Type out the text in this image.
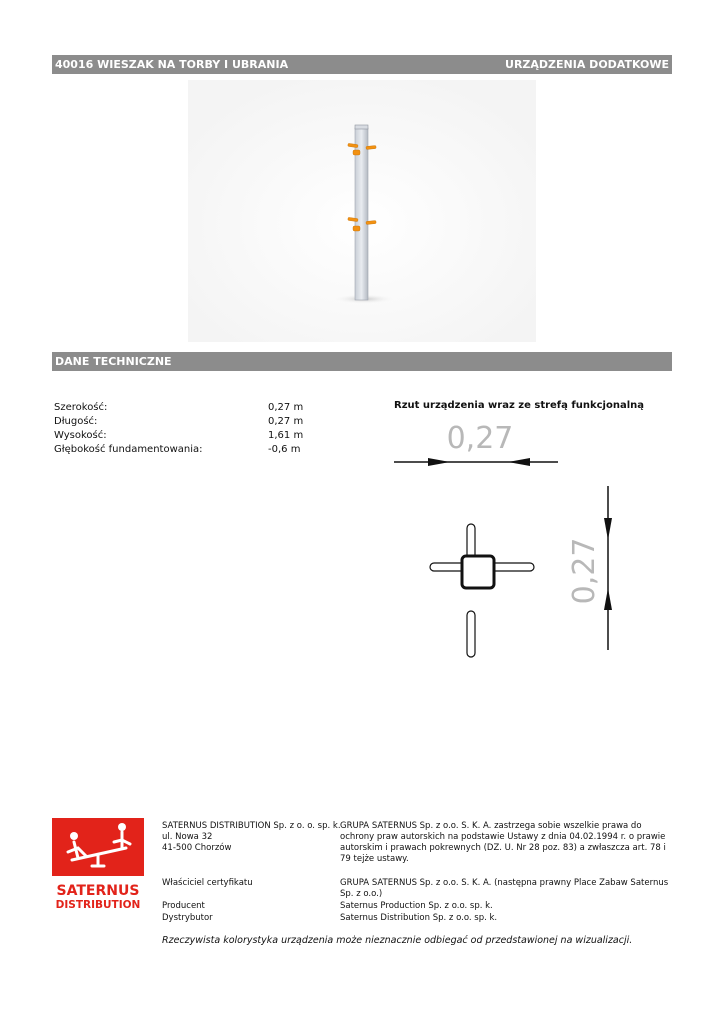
40016 WIESZAK NA TORBY I UBRANIA	URZĄDZENIA DODATKOWE
DANE TECHNICZNE
Szerokość:	0,27 m
Długość:	0,27 m
Wysokość:	1,61 m
Głębokość fundamentowania:	-0,6 m
Rzut urządzenia wraz ze strefą funkcjonalną
0,27
0,27
SATERNUS
DISTRIBUTION
SATERNUS DISTRIBUTION Sp. z o. o. sp. k.
ul. Nowa 32
41-500 Chorzów
GRUPA SATERNUS Sp. z o.o. S. K. A. zastrzega sobie wszelkie prawa do ochrony praw autorskich na podstawie Ustawy z dnia 04.02.1994 r. o prawie autorskim i prawach pokrewnych (DZ. U. Nr 28 poz. 83) a zwłaszcza art. 78 i 79 tejże ustawy.
Właściciel certyfikatu	GRUPA SATERNUS Sp. z o.o. S. K. A. (następna prawny Place Zabaw Saternus Sp. z o.o.)
Producent	Saternus Production Sp. z o.o. sp. k.
Dystrybutor	Saternus Distribution Sp. z o.o. sp. k.
Rzeczywista kolorystyka urządzenia może nieznacznie odbiegać od przedstawionej na wizualizacji.
